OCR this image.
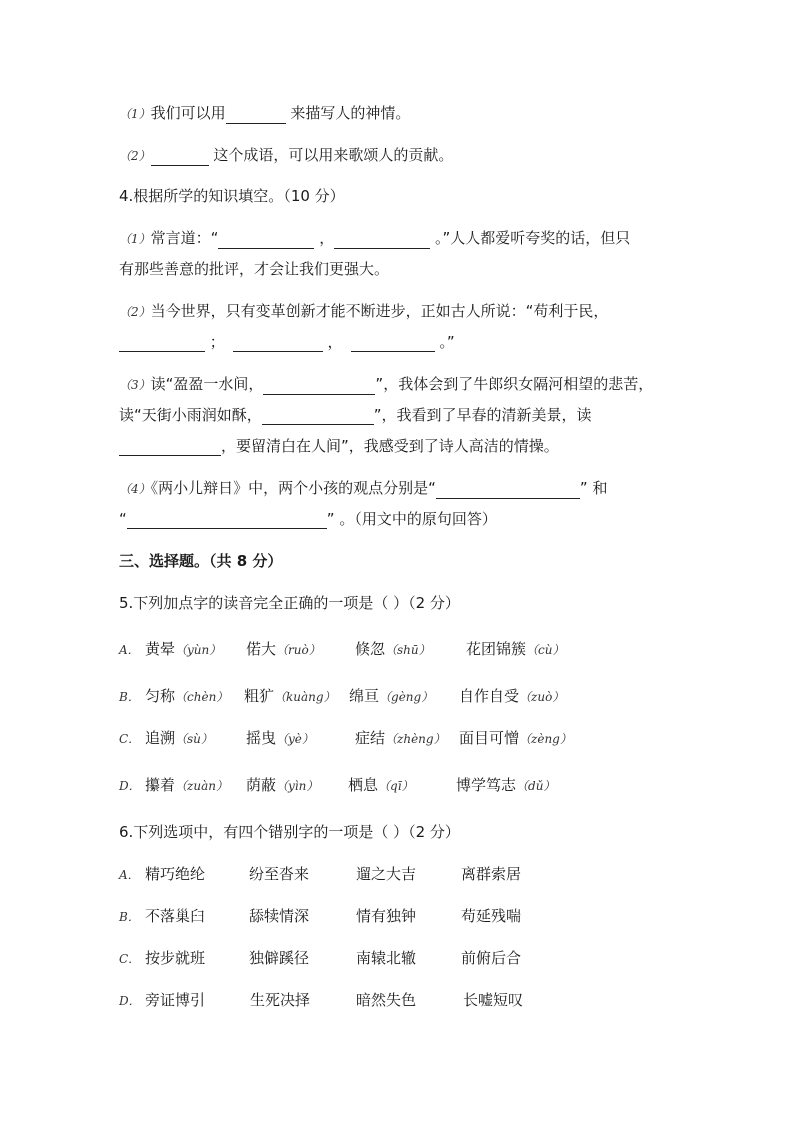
（1）我们可以用	来描写人的神情。
（2）	这个成语，可以用来歌颂人的贡献。
4.根据所学的知识填空。（10 分）
（1）常言道：“	，	。”人人都爱听夸奖的话，但只
有那些善意的批评，才会让我们更强大。
（2）当今世界，只有变革创新才能不断进步，正如古人所说：“苟利于民，
；	，	。”
（3）读“盈盈一水间，	”，我体会到了牛郎织女隔河相望的悲苦，
读“天街小雨润如酥，	”，我看到了早春的清新美景，读
，要留清白在人间”，我感受到了诗人高洁的情操。
（4）《两小儿辩日》中，两个小孩的观点分别是“	” 和
“	” 。（用文中的原句回答）
三、选择题。（共 8 分）
5.下列加点字的读音完全正确的一项是（ ）（2 分）
A． 黄晕（yùn） 偌大（ruò） 倏忽（shū） 花团锦簇（cù）
B． 匀称（chèn） 粗犷（kuàng） 绵亘（gèng） 自作自受（zuò）
C． 追溯（sù） 摇曳（yè）	症结（zhèng） 面目可憎（zèng）
D． 攥着（zuàn） 荫蔽（yìn） 栖息（qī）	博学笃志（dǔ）
6.下列选项中，有四个错别字的一项是（ ）（2 分）
A． 精巧绝纶	纷至沓来	遛之大吉	离群索居
B． 不落巢臼	舔犊情深	情有独钟	苟延残喘
C． 按步就班	独僻蹊径	南辕北辙	前俯后合
D． 旁证博引	生死决择	暗然失色	长嘘短叹
